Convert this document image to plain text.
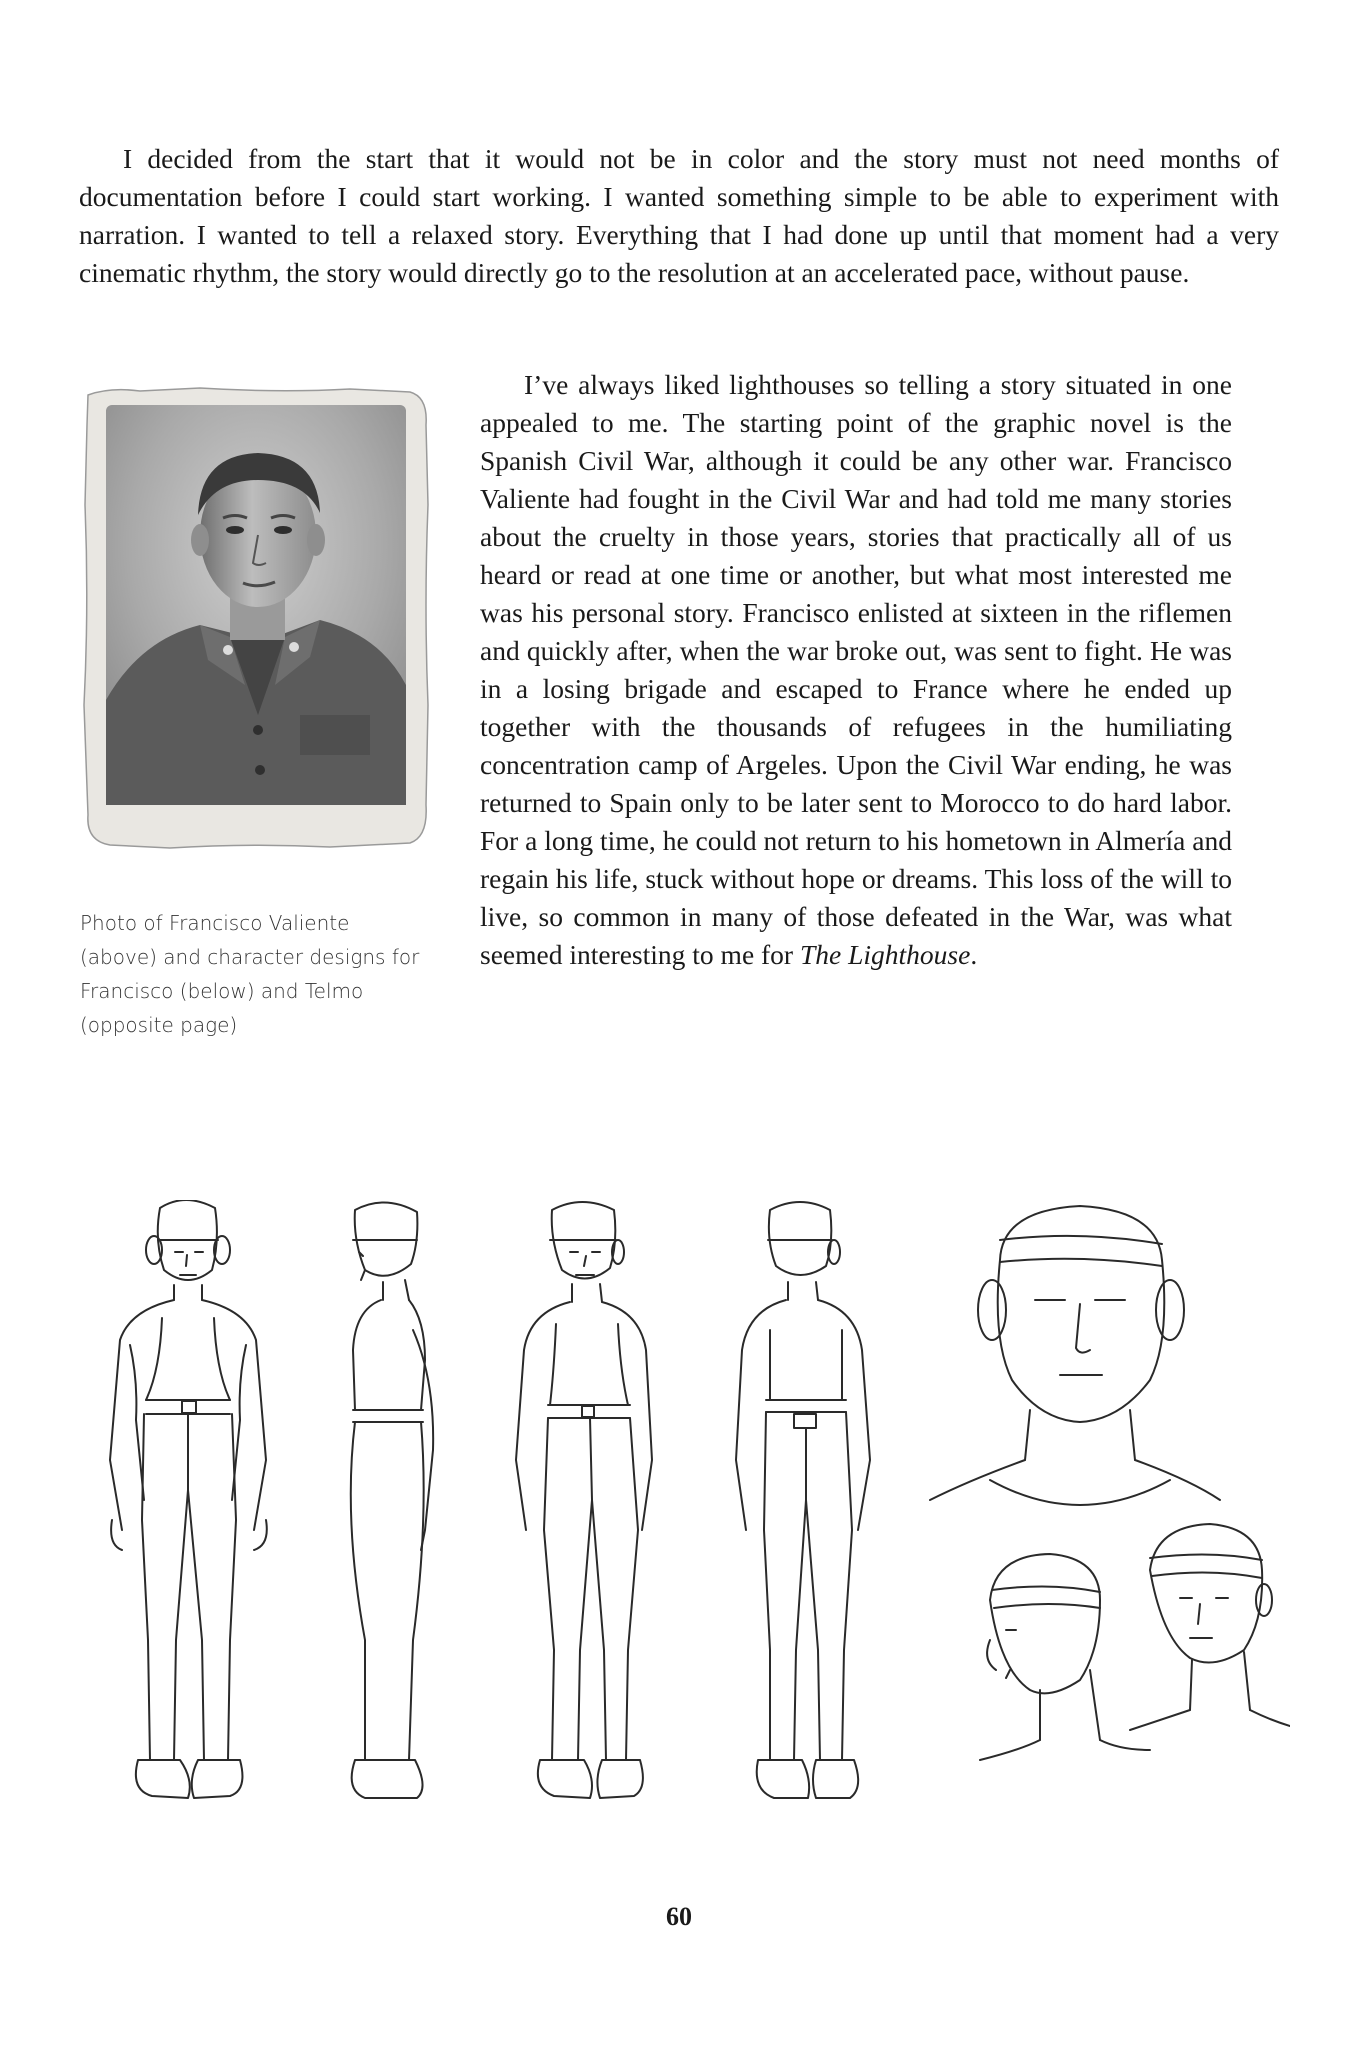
I decided from the start that it would not be in color and the story must not need months of documentation before I could start working. I wanted something simple to be able to experiment with narration. I wanted to tell a relaxed story. Everything that I had done up until that moment had a very cinematic rhythm, the story would directly go to the resolution at an accelerated pace, without pause.

Photo of Francisco Valiente (above) and character designs for Francisco (below) and Telmo (opposite page)

I’ve always liked lighthouses so telling a story situated in one appealed to me. The starting point of the graphic novel is the Spanish Civil War, although it could be any other war. Francisco Valiente had fought in the Civil War and had told me many stories about the cruelty in those years, stories that practically all of us heard or read at one time or another, but what most interested me was his personal story. Francisco enlisted at sixteen in the riflemen and quickly after, when the war broke out, was sent to fight. He was in a losing brigade and escaped to France where he ended up together with the thousands of refugees in the humiliating concentration camp of Argeles. Upon the Civil War ending, he was returned to Spain only to be later sent to Morocco to do hard labor. For a long time, he could not return to his hometown in Almería and regain his life, stuck without hope or dreams. This loss of the will to live, so common in many of those defeated in the War, was what seemed interesting to me for The Lighthouse.

60
